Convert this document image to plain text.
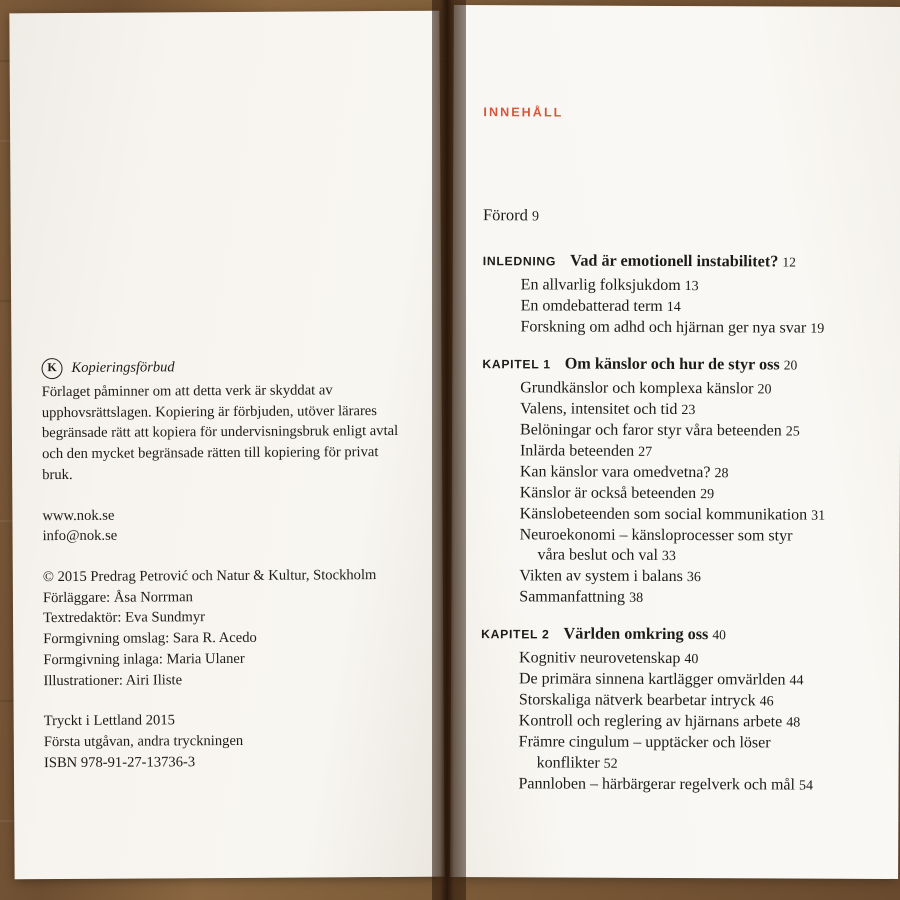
K	Kopieringsförbud

Förlaget påminner om att detta verk är skyddat av upphovsrättslagen. Kopiering är förbjuden, utöver lärares begränsade rätt att kopiera för undervisningsbruk enligt avtal och den mycket begränsade rätten till kopiering för privat bruk.

www.nok.se
info@nok.se
© 2015 Predrag Petrović och Natur & Kultur, Stockholm
Förläggare: Åsa Norrman
Textredaktör: Eva Sundmyr
Formgivning omslag: Sara R. Acedo
Formgivning inlaga: Maria Ulaner
Illustrationer: Airi Iliste
Tryckt i Lettland 2015
Första utgåvan, andra tryckningen
ISBN 978-91-27-13736-3
INNEHÅLL
Förord 9
INLEDNING Vad är emotionell instabilitet? 12
En allvarlig folksjukdom 13
En omdebatterad term 14
Forskning om adhd och hjärnan ger nya svar 19
KAPITEL 1 Om känslor och hur de styr oss 20
Grundkänslor och komplexa känslor 20
Valens, intensitet och tid 23
Belöningar och faror styr våra beteenden 25
Inlärda beteenden 27
Kan känslor vara omedvetna? 28
Känslor är också beteenden 29
Känslobeteenden som social kommunikation 31
Neuroekonomi – känsloprocesser som styr
våra beslut och val 33
Vikten av system i balans 36
Sammanfattning 38
KAPITEL 2 Världen omkring oss 40
Kognitiv neurovetenskap 40
De primära sinnena kartlägger omvärlden 44
Storskaliga nätverk bearbetar intryck 46
Kontroll och reglering av hjärnans arbete 48
Främre cingulum – upptäcker och löser
konflikter 52
Pannloben – härbärgerar regelverk och mål 54
